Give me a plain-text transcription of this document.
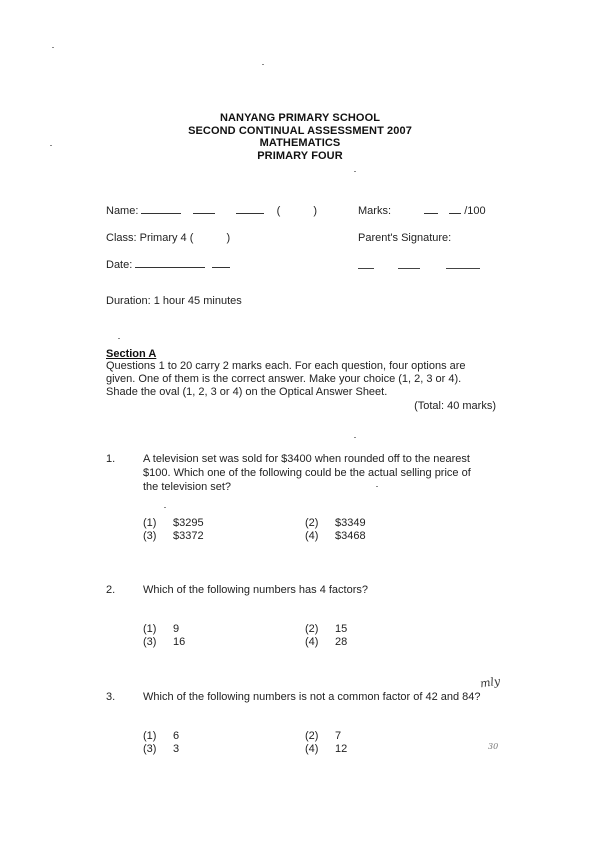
NANYANG PRIMARY SCHOOL
SECOND CONTINUAL ASSESSMENT 2007
MATHEMATICS
PRIMARY FOUR
Name:	(	)	Marks:	/100
Class: Primary 4 (	)	Parent's Signature:
Date:
Duration: 1 hour 45 minutes
Section A
Questions 1 to 20 carry 2 marks each. For each question, four options are
given. One of them is the correct answer. Make your choice (1, 2, 3 or 4).
Shade the oval (1, 2, 3 or 4) on the Optical Answer Sheet.
(Total: 40 marks)
1.	A television set was sold for $3400 when rounded off to the nearest
$100. Which one of the following could be the actual selling price of
the television set?
(1)	$3295	(2)	$3349
(3)	$3372	(4)	$3468
2.	Which of the following numbers has 4 factors?
(1)	9	(2)	15
(3)	16	(4)	28
mly
3.	Which of the following numbers is not a common factor of 42 and 84?
(1)	6	(2)	7
(3)	3	(4)	12	30
